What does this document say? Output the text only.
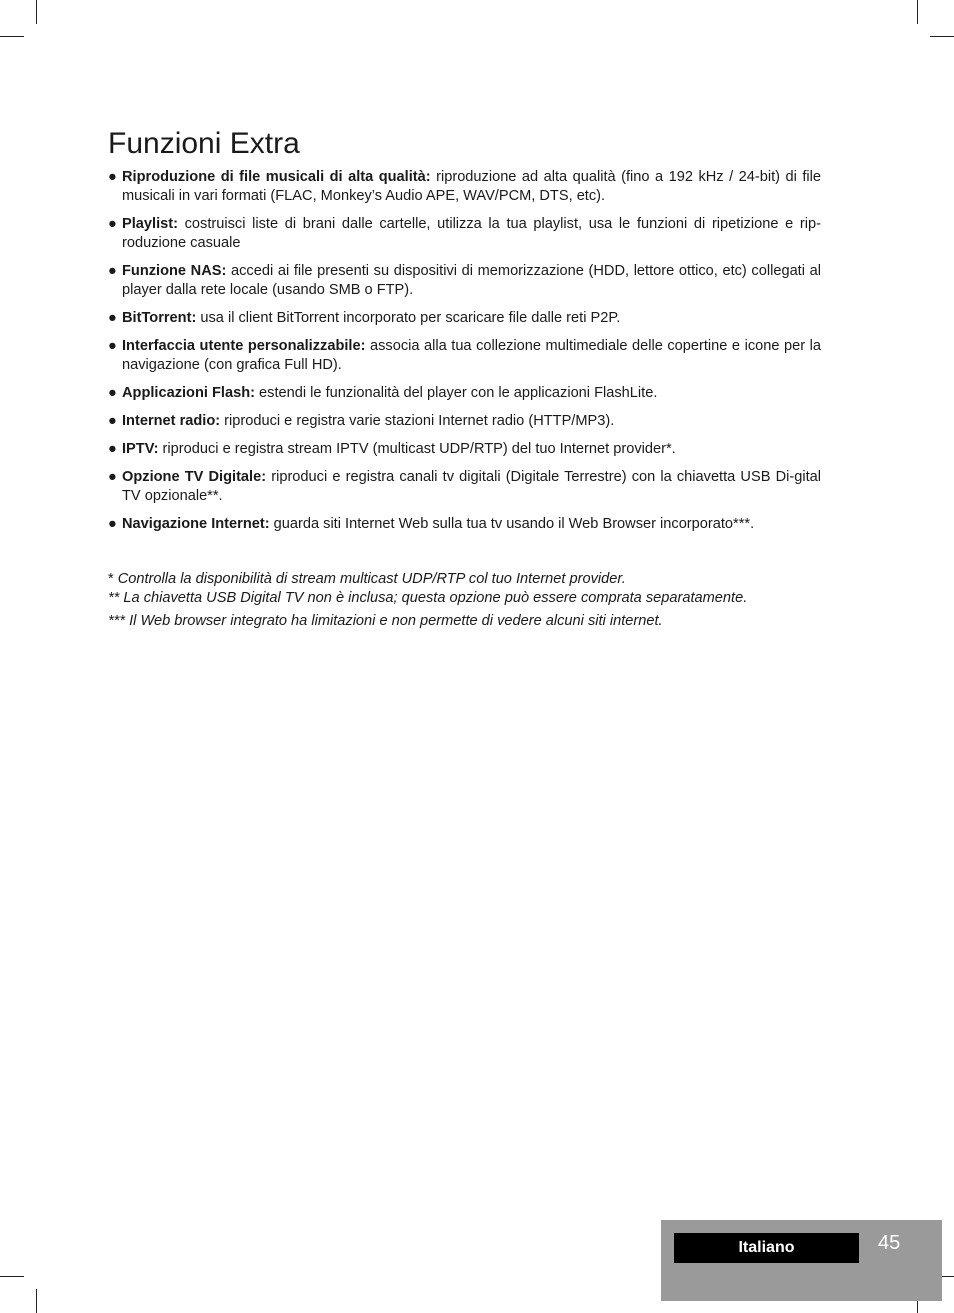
Funzioni Extra
● Riproduzione di file musicali di alta qualità: riproduzione ad alta qualità (fino a 192 kHz / 24-bit) di file musicali in vari formati (FLAC, Monkey’s Audio APE, WAV/PCM, DTS, etc).
● Playlist: costruisci liste di brani dalle cartelle, utilizza la tua playlist, usa le funzioni di ripetizione e rip-roduzione casuale
● Funzione NAS: accedi ai file presenti su dispositivi di memorizzazione (HDD, lettore ottico, etc) collegati al player dalla rete locale (usando SMB o FTP).
● BitTorrent: usa il client BitTorrent incorporato per scaricare file dalle reti P2P.
● Interfaccia utente personalizzabile: associa alla tua collezione multimediale delle copertine e icone per la navigazione (con grafica Full HD).
● Applicazioni Flash: estendi le funzionalità del player con le applicazioni FlashLite.
● Internet radio: riproduci e registra varie stazioni Internet radio (HTTP/MP3).
● IPTV: riproduci e registra stream IPTV (multicast UDP/RTP) del tuo Internet provider*.
● Opzione TV Digitale: riproduci e registra canali tv digitali (Digitale Terrestre) con la chiavetta USB Di-gital TV opzionale**.
● Navigazione Internet: guarda siti Internet Web sulla tua tv usando il Web Browser incorporato***.

* Controlla la disponibilità di stream multicast UDP/RTP col tuo Internet provider.

** La chiavetta USB Digital TV non è inclusa; questa opzione può essere comprata separatamente.

*** Il Web browser integrato ha limitazioni e non permette di vedere alcuni siti internet.

Italiano	45
